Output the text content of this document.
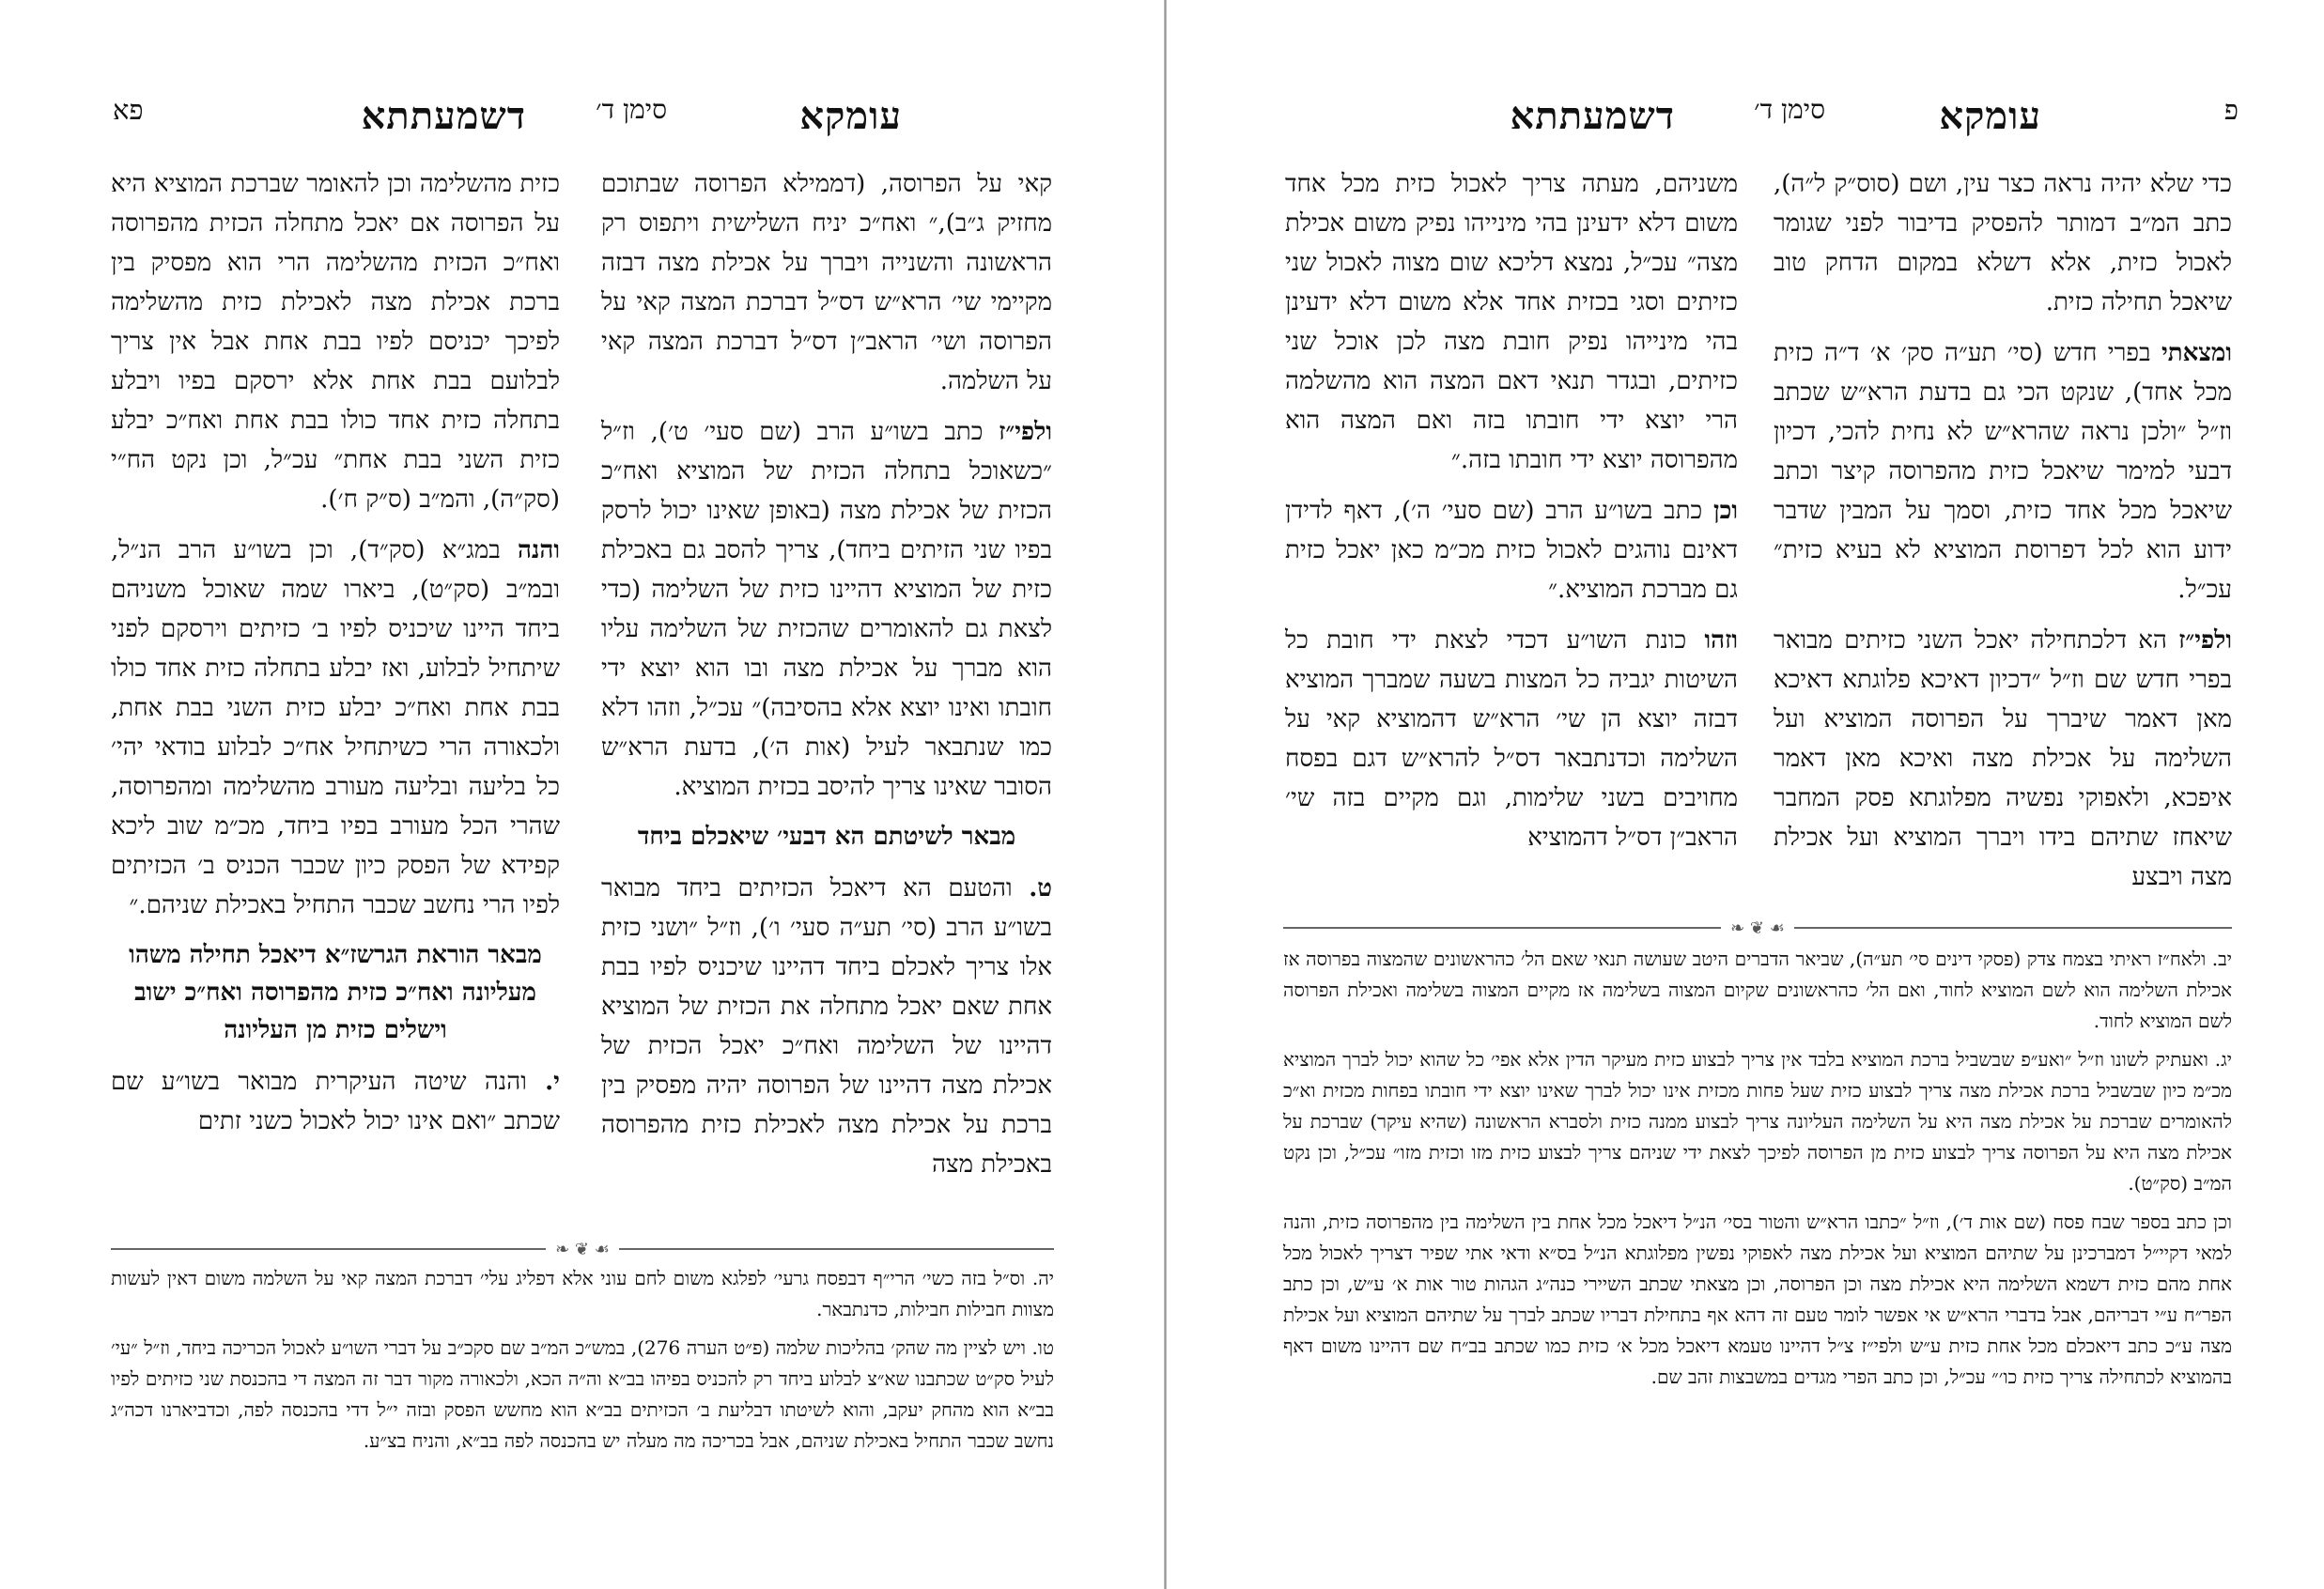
פא	עומקא
סימן ד׳
דשמעתתא

קאי על הפרוסה, (דממילא הפרוסה שבתוכם מחזיק ג״ב),״ ואח״כ יניח השלישית ויתפוס רק הראשונה והשנייה ויברך על אכילת מצה דבזה מקיימי שי׳ הרא״ש דס״ל דברכת המצה קאי על הפרוסה ושי׳ הראב״ן דס״ל דברכת המצה קאי על השלמה.

ולפי״ז כתב בשו״ע הרב (שם סעי׳ ט׳), וז״ל ״כשאוכל בתחלה הכזית של המוציא ואח״כ הכזית של אכילת מצה (באופן שאינו יכול לרסק בפיו שני הזיתים ביחד), צריך להסב גם באכילת כזית של המוציא דהיינו כזית של השלימה (כדי לצאת גם להאומרים שהכזית של השלימה עליו הוא מברך על אכילת מצה ובו הוא יוצא ידי חובתו ואינו יוצא אלא בהסיבה)״ עכ״ל, וזהו דלא כמו שנתבאר לעיל (אות ה׳), בדעת הרא״ש הסובר שאינו צריך להיסב בכזית המוציא.

מבאר לשיטתם הא דבעי׳ שיאכלם ביחד

ט. והטעם הא דיאכל הכזיתים ביחד מבואר בשו״ע הרב (סי׳ תע״ה סעי׳ ו׳), וז״ל ״ושני כזית אלו צריך לאכלם ביחד דהיינו שיכניס לפיו בבת אחת שאם יאכל מתחלה את הכזית של המוציא דהיינו של השלימה ואח״כ יאכל הכזית של אכילת מצה דהיינו של הפרוסה יהיה מפסיק בין ברכת על אכילת מצה לאכילת כזית מהפרוסה באכילת מצה

כזית מהשלימה וכן להאומר שברכת המוציא היא על הפרוסה אם יאכל מתחלה הכזית מהפרוסה ואח״כ הכזית מהשלימה הרי הוא מפסיק בין ברכת אכילת מצה לאכילת כזית מהשלימה לפיכך יכניסם לפיו בבת אחת אבל אין צריך לבלועם בבת אחת אלא ירסקם בפיו ויבלע בתחלה כזית אחד כולו בבת אחת ואח״כ יבלע כזית השני בבת אחת״ עכ״ל, וכן נקט הח״י (סק״ה), והמ״ב (ס״ק ח׳).

והנה במג״א (סק״ד), וכן בשו״ע הרב הנ״ל, ובמ״ב (סק״ט), ביארו שמה שאוכל משניהם ביחד היינו שיכניס לפיו ב׳ כזיתים וירסקם לפני שיתחיל לבלוע, ואז יבלע בתחלה כזית אחד כולו בבת אחת ואח״כ יבלע כזית השני בבת אחת, ולכאורה הרי כשיתחיל אח״כ לבלוע בודאי יהי׳ כל בליעה ובליעה מעורב מהשלימה ומהפרוסה, שהרי הכל מעורב בפיו ביחד, מכ״מ שוב ליכא קפידא של הפסק כיון שכבר הכניס ב׳ הכזיתים לפיו הרי נחשב שכבר התחיל באכילת שניהם.״

מבאר הוראת הגרשז״א דיאכל תחילה משהו מעליונה ואח״כ כזית מהפרוסה ואח״כ ישוב וישלים כזית מן העליונה

י. והנה שיטה העיקרית מבואר בשו״ע שם שכתב ״ואם אינו יכול לאכול כשני זתים

❧ ❦ ☙

יה. וס״ל בזה כשי׳ הרי״ף דבפסח גרעי׳ לפלגא משום לחם עוני אלא דפליג עלי׳ דברכת המצה קאי על השלמה משום דאין לעשות מצוות חבילות חבילות, כדנתבאר.

טו. ויש לציין מה שהק׳ בהליכות שלמה (פ״ט הערה 276), במש״כ המ״ב שם סקכ״ב על דברי השו״ע לאכול הכריכה ביחד, וז״ל ״עי׳ לעיל סק״ט שכתבנו שא״צ לבלוע ביחד רק להכניס בפיהו בב״א וה״ה הכא, ולכאורה מקור דבר זה המצה די בהכנסת שני כזיתים לפיו בב״א הוא מהחק יעקב, והוא לשיטתו דבליעת ב׳ הכזיתים בב״א הוא מחשש הפסק ובזה י״ל דדי בהכנסה לפה, וכדביארנו דכה״ג נחשב שכבר התחיל באכילת שניהם, אבל בכריכה מה מעלה יש בהכנסה לפה בב״א, והניח בצ״ע.

פ
עומקא
סימן ד׳
דשמעתתא

כדי שלא יהיה נראה כצר עין, ושם (סוס״ק ל״ה), כתב המ״ב דמותר להפסיק בדיבור לפני שגומר לאכול כזית, אלא דשלא במקום הדחק טוב שיאכל תחילה כזית.

ומצאתי בפרי חדש (סי׳ תע״ה סק׳ א׳ ד״ה כזית מכל אחד), שנקט הכי גם בדעת הרא״ש שכתב וז״ל ״ולכן נראה שהרא״ש לא נחית להכי, דכיון דבעי למימר שיאכל כזית מהפרוסה קיצר וכתב שיאכל מכל אחד כזית, וסמך על המבין שדבר ידוע הוא לכל דפרוסת המוציא לא בעיא כזית״ עכ״ל.

ולפי״ז הא דלכתחילה יאכל השני כזיתים מבואר בפרי חדש שם וז״ל ״דכיון דאיכא פלוגתא דאיכא מאן דאמר שיברך על הפרוסה המוציא ועל השלימה על אכילת מצה ואיכא מאן דאמר איפכא, ולאפוקי נפשיה מפלוגתא פסק המחבר שיאחז שתיהם בידו ויברך המוציא ועל אכילת מצה ויבצע

משניהם, מעתה צריך לאכול כזית מכל אחד משום דלא ידעינן בהי מינייהו נפיק משום אכילת מצה״ עכ״ל, נמצא דליכא שום מצוה לאכול שני כזיתים וסגי בכזית אחד אלא משום דלא ידעינן בהי מינייהו נפיק חובת מצה לכן אוכל שני כזיתים, ובגדר תנאי דאם המצה הוא מהשלמה הרי יוצא ידי חובתו בזה ואם המצה הוא מהפרוסה יוצא ידי חובתו בזה.״

וכן כתב בשו״ע הרב (שם סעי׳ ה׳), דאף לדידן דאינם נוהגים לאכול כזית מכ״מ כאן יאכל כזית גם מברכת המוציא.״

וזהו כונת השו״ע דכדי לצאת ידי חובת כל השיטות יגביה כל המצות בשעה שמברך המוציא דבזה יוצא הן שי׳ הרא״ש דהמוציא קאי על השלימה וכדנתבאר דס״ל להרא״ש דגם בפסח מחויבים בשני שלימות, וגם מקיים בזה שי׳ הראב״ן דס״ל דהמוציא

❧ ❦ ☙

יב. ולאח״ז ראיתי בצמח צדק (פסקי דינים סי׳ תע״ה), שביאר הדברים היטב שעושה תנאי שאם הל׳ כהראשונים שהמצוה בפרוסה אז אכילת השלימה הוא לשם המוציא לחוד, ואם הל׳ כהראשונים שקיום המצוה בשלימה אז מקיים המצוה בשלימה ואכילת הפרוסה לשם המוציא לחוד.

יג. ואעתיק לשונו וז״ל ״ואע״פ שבשביל ברכת המוציא בלבד אין צריך לבצוע כזית מעיקר הדין אלא אפי׳ כל שהוא יכול לברך המוציא מכ״מ כיון שבשביל ברכת אכילת מצה צריך לבצוע כזית שעל פחות מכזית אינו יכול לברך שאינו יוצא ידי חובתו בפחות מכזית וא״כ להאומרים שברכת על אכילת מצה היא על השלימה העליונה צריך לבצוע ממנה כזית ולסברא הראשונה (שהיא עיקר) שברכת על אכילת מצה היא על הפרוסה צריך לבצוע כזית מן הפרוסה לפיכך לצאת ידי שניהם צריך לבצוע כזית מזו וכזית מזו״ עכ״ל, וכן נקט המ״ב (סק״ט).

וכן כתב בספר שבח פסח (שם אות ד׳), וז״ל ״כתבו הרא״ש והטור בסי׳ הנ״ל דיאכל מכל אחת בין השלימה בין מהפרוסה כזית, והנה למאי דקיי״ל דמברכינן על שתיהם המוציא ועל אכילת מצה לאפוקי נפשין מפלוגתא הנ״ל בס״א ודאי אתי שפיר דצריך לאכול מכל אחת מהם כזית דשמא השלימה היא אכילת מצה וכן הפרוסה, וכן מצאתי שכתב השיירי כנה״ג הגהות טור אות א׳ ע״ש, וכן כתב הפר״ח ע״י דבריהם, אבל בדברי הרא״ש אי אפשר לומר טעם זה דהא אף בתחילת דבריו שכתב לברך על שתיהם המוציא ועל אכילת מצה ע״כ כתב דיאכלם מכל אחת כזית ע״ש ולפי״ז צ״ל דהיינו טעמא דיאכל מכל א׳ כזית כמו שכתב בב״ח שם דהיינו משום דאף בהמוציא לכתחילה צריך כזית כו׳״ עכ״ל, וכן כתב הפרי מגדים במשבצות זהב שם.
